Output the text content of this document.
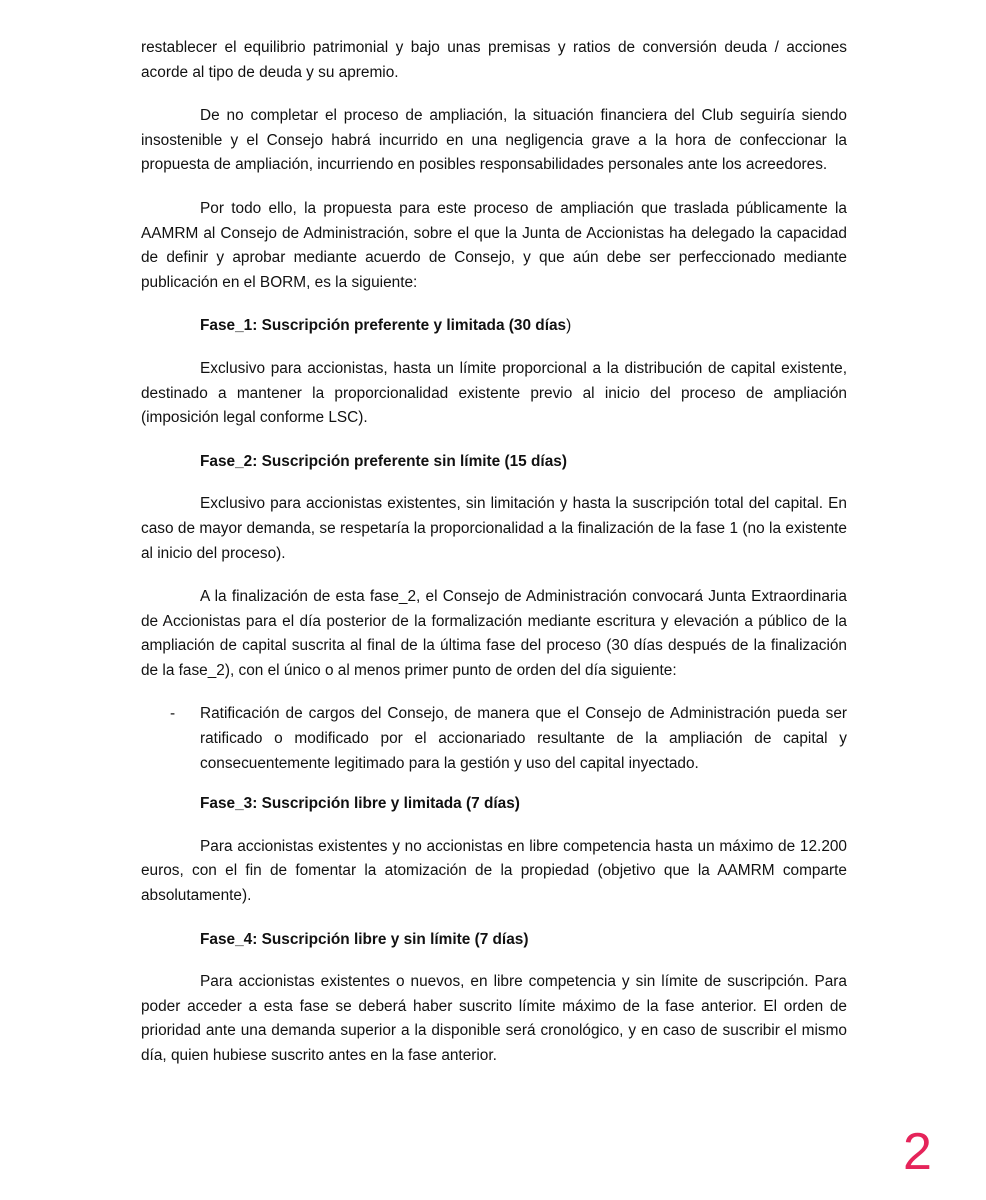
restablecer el equilibrio patrimonial y bajo unas premisas y ratios de conversión deuda / acciones acorde al tipo de deuda y su apremio.

De no completar el proceso de ampliación, la situación financiera del Club seguiría siendo insostenible y el Consejo habrá incurrido en una negligencia grave a la hora de confeccionar la propuesta de ampliación, incurriendo en posibles responsabilidades personales ante los acreedores.

Por todo ello, la propuesta para este proceso de ampliación que traslada públicamente la AAMRM al Consejo de Administración, sobre el que la Junta de Accionistas ha delegado la capacidad de definir y aprobar mediante acuerdo de Consejo, y que aún debe ser perfeccionado mediante publicación en el BORM, es la siguiente:

Fase_1: Suscripción preferente y limitada (30 días)

Exclusivo para accionistas, hasta un límite proporcional a la distribución de capital existente, destinado a mantener la proporcionalidad existente previo al inicio del proceso de ampliación (imposición legal conforme LSC).

Fase_2: Suscripción preferente sin límite (15 días)

Exclusivo para accionistas existentes, sin limitación y hasta la suscripción total del capital. En caso de mayor demanda, se respetaría la proporcionalidad a la finalización de la fase 1 (no la existente al inicio del proceso).

A la finalización de esta fase_2, el Consejo de Administración convocará Junta Extraordinaria de Accionistas para el día posterior de la formalización mediante escritura y elevación a público de la ampliación de capital suscrita al final de la última fase del proceso (30 días después de la finalización de la fase_2), con el único o al menos primer punto de orden del día siguiente:

- Ratificación de cargos del Consejo, de manera que el Consejo de Administración pueda ser ratificado o modificado por el accionariado resultante de la ampliación de capital y consecuentemente legitimado para la gestión y uso del capital inyectado.

Fase_3: Suscripción libre y limitada (7 días)

Para accionistas existentes y no accionistas en libre competencia hasta un máximo de 12.200 euros, con el fin de fomentar la atomización de la propiedad (objetivo que la AAMRM comparte absolutamente).

Fase_4: Suscripción libre y sin límite (7 días)

Para accionistas existentes o nuevos, en libre competencia y sin límite de suscripción. Para poder acceder a esta fase se deberá haber suscrito límite máximo de la fase anterior. El orden de prioridad ante una demanda superior a la disponible será cronológico, y en caso de suscribir el mismo día, quien hubiese suscrito antes en la fase anterior.

2
